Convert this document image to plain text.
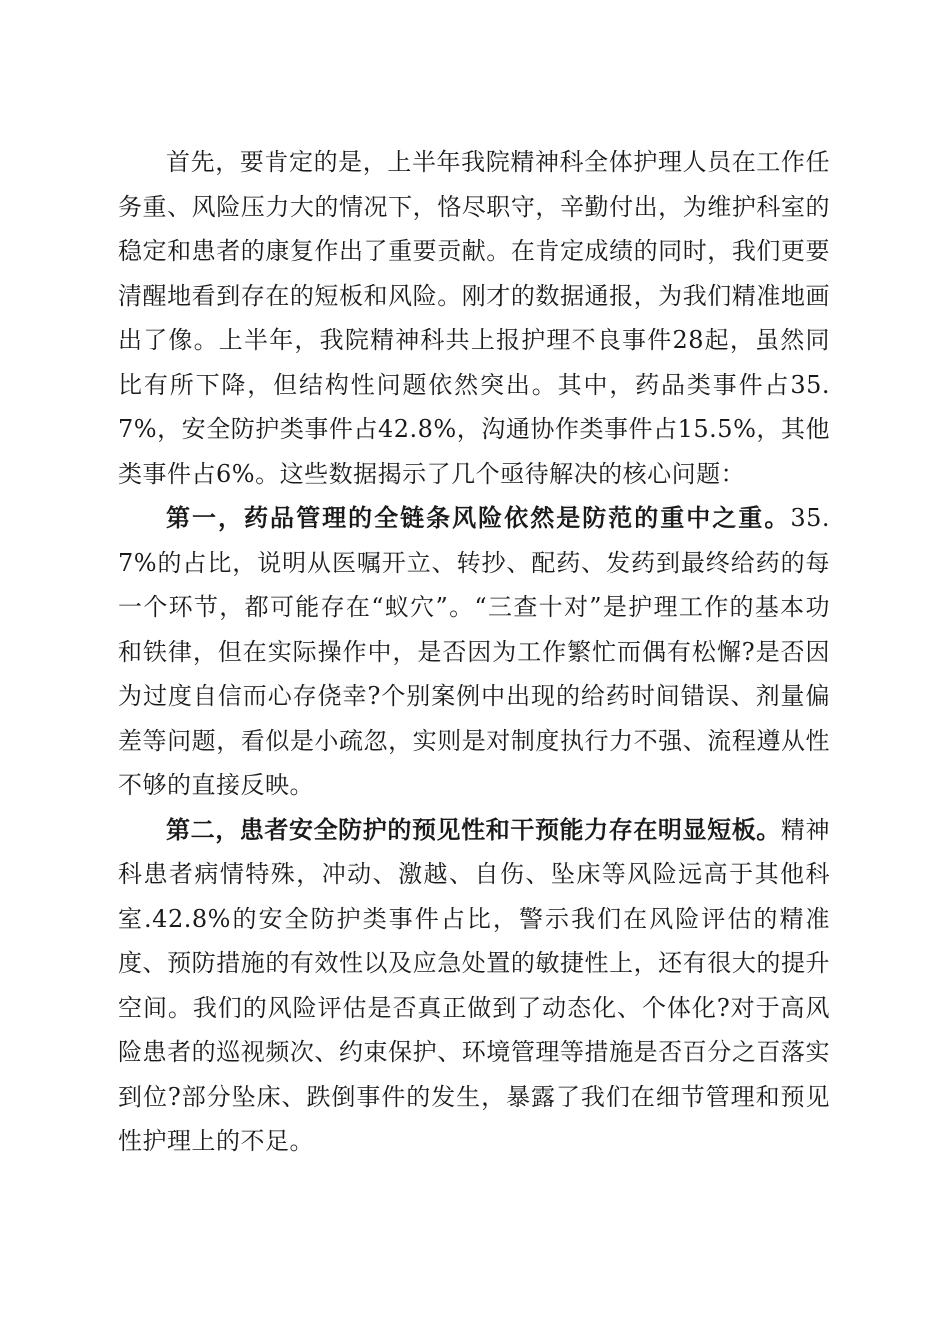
首先，要肯定的是，上半年我院精神科全体护理人员在工作任务重、风险压力大的情况下，恪尽职守，辛勤付出，为维护科室的稳定和患者的康复作出了重要贡献。在肯定成绩的同时，我们更要清醒地看到存在的短板和风险。刚才的数据通报，为我们精准地画出了像。上半年，我院精神科共上报护理不良事件28起，虽然同比有所下降，但结构性问题依然突出。其中，药品类事件占35.7%，安全防护类事件占42.8%，沟通协作类事件占15.5%，其他类事件占6%。这些数据揭示了几个亟待解决的核心问题：

第一，药品管理的全链条风险依然是防范的重中之重。35.7%的占比，说明从医嘱开立、转抄、配药、发药到最终给药的每一个环节，都可能存在“蚁穴”。“三查十对”是护理工作的基本功和铁律，但在实际操作中，是否因为工作繁忙而偶有松懈?是否因为过度自信而心存侥幸?个别案例中出现的给药时间错误、剂量偏差等问题，看似是小疏忽，实则是对制度执行力不强、流程遵从性不够的直接反映。

第二，患者安全防护的预见性和干预能力存在明显短板。精神科患者病情特殊，冲动、激越、自伤、坠床等风险远高于其他科室.42.8%的安全防护类事件占比，警示我们在风险评估的精准度、预防措施的有效性以及应急处置的敏捷性上，还有很大的提升空间。我们的风险评估是否真正做到了动态化、个体化?对于高风险患者的巡视频次、约束保护、环境管理等措施是否百分之百落实到位?部分坠床、跌倒事件的发生，暴露了我们在细节管理和预见性护理上的不足。
